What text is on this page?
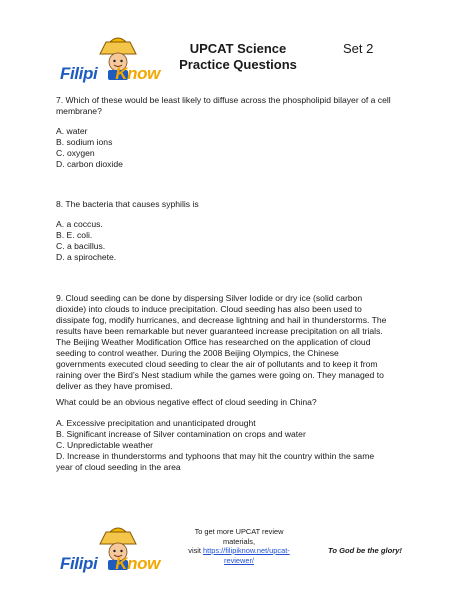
Filipi Know
UPCAT Science
Practice Questions
Set 2
7. Which of these would be least likely to diffuse across the phospholipid bilayer of a cell
membrane?
A. water
B. sodium ions
C. oxygen
D. carbon dioxide
8. The bacteria that causes syphilis is
A. a coccus.
B. E. coli.
C. a bacillus.
D. a spirochete.
9. Cloud seeding can be done by dispersing Silver Iodide or dry ice (solid carbon
dioxide) into clouds to induce precipitation. Cloud seeding has also been used to
dissipate fog, modify hurricanes, and decrease lightning and hail in thunderstorms. The
results have been remarkable but never guaranteed increase precipitation on all trials.
The Beijing Weather Modification Office has researched on the application of cloud
seeding to control weather. During the 2008 Beijing Olympics, the Chinese
governments executed cloud seeding to clear the air of pollutants and to keep it from
raining over the Bird’s Nest stadium while the games were going on. They managed to
deliver as they have promised.
What could be an obvious negative effect of cloud seeding in China?
A. Excessive precipitation and unanticipated drought
B. Significant increase of Silver contamination on crops and water
C. Unpredictable weather
D. Increase in thunderstorms and typhoons that may hit the country within the same
year of cloud seeding in the area
Filipi Know
To get more UPCAT review
materials,
visit https://filipiknow.net/upcat-
reviewer/
To God be the glory!
